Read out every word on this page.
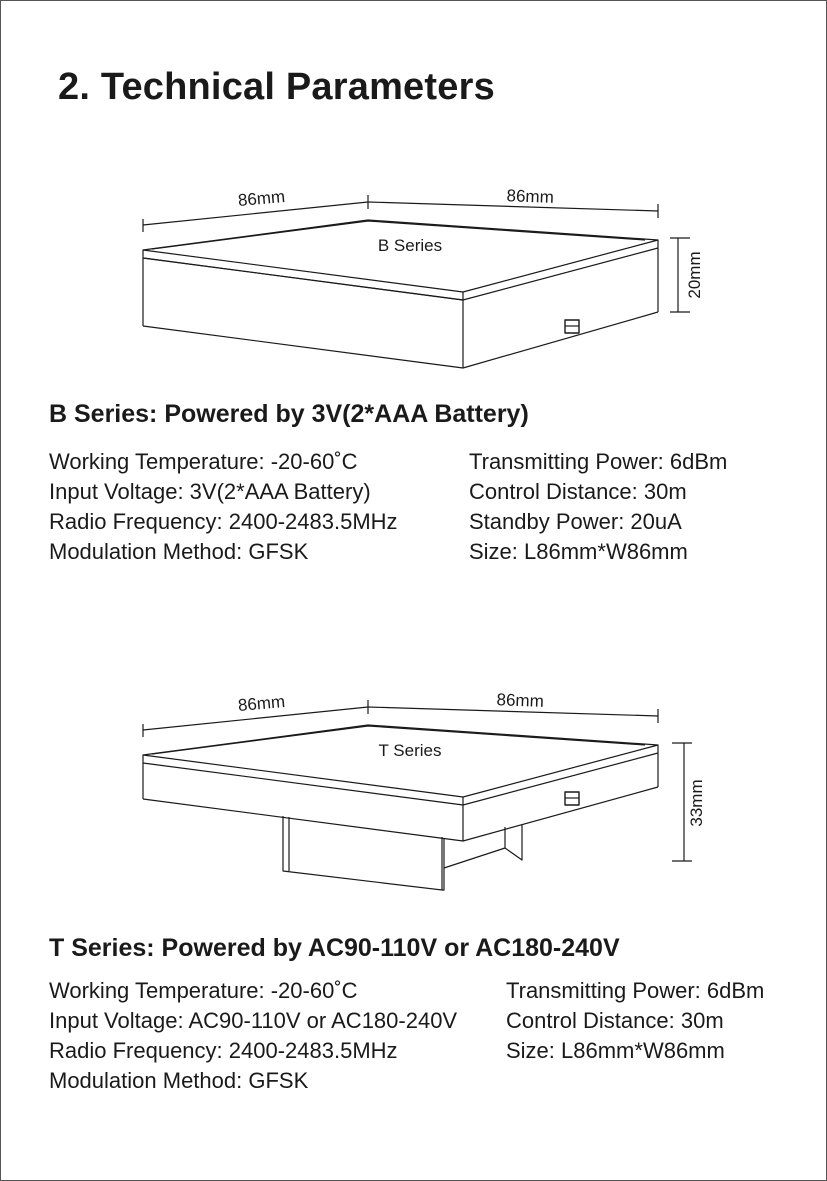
2. Technical Parameters
B Series
86mm	86mm
20mm
B Series: Powered by 3V(2*AAA Battery)
Working Temperature: -20-60˚C
Input Voltage: 3V(2*AAA Battery)
Radio Frequency: 2400-2483.5MHz
Modulation Method: GFSK
Transmitting Power: 6dBm
Control Distance: 30m
Standby Power: 20uA
Size: L86mm*W86mm
T Series
86mm	86mm
33mm
T Series: Powered by AC90-110V or AC180-240V
Working Temperature: -20-60˚C
Input Voltage: AC90-110V or AC180-240V
Radio Frequency: 2400-2483.5MHz
Modulation Method: GFSK
Transmitting Power: 6dBm
Control Distance: 30m
Size: L86mm*W86mm
